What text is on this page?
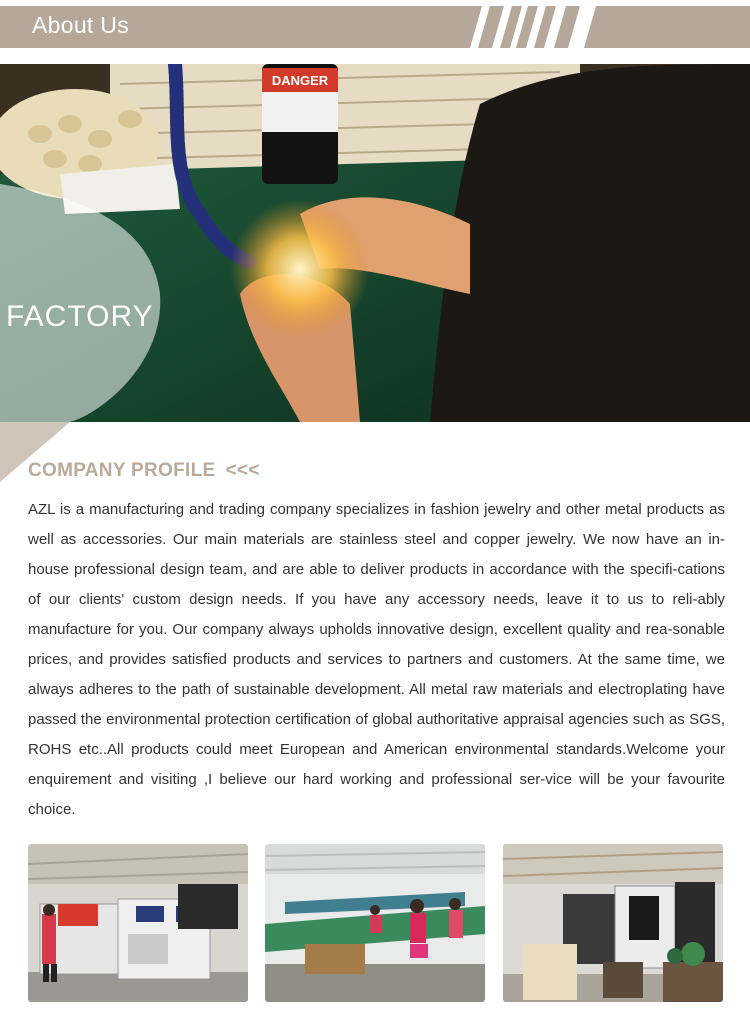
About Us
DANGER
FACTORY
COMPANY PROFILE <<<
AZL is a manufacturing and trading company specializes in fashion jewelry and other metal products as well as accessories. Our main materials are stainless steel and copper jewelry. We now have an in-house professional design team, and are able to deliver products in accordance with the specifi-cations of our clients' custom design needs. If you have any accessory needs, leave it to us to reli-ably manufacture for you. Our company always upholds innovative design, excellent quality and rea-sonable prices, and provides satisfied products and services to partners and customers. At the same time, we always adheres to the path of sustainable development. All metal raw materials and electroplating have passed the environmental protection certification of global authoritative appraisal agencies such as SGS, ROHS etc..All products could meet European and American environmental standards.Welcome your enquirement and visiting ,I believe our hard working and professional ser-vice will be your favourite choice.
